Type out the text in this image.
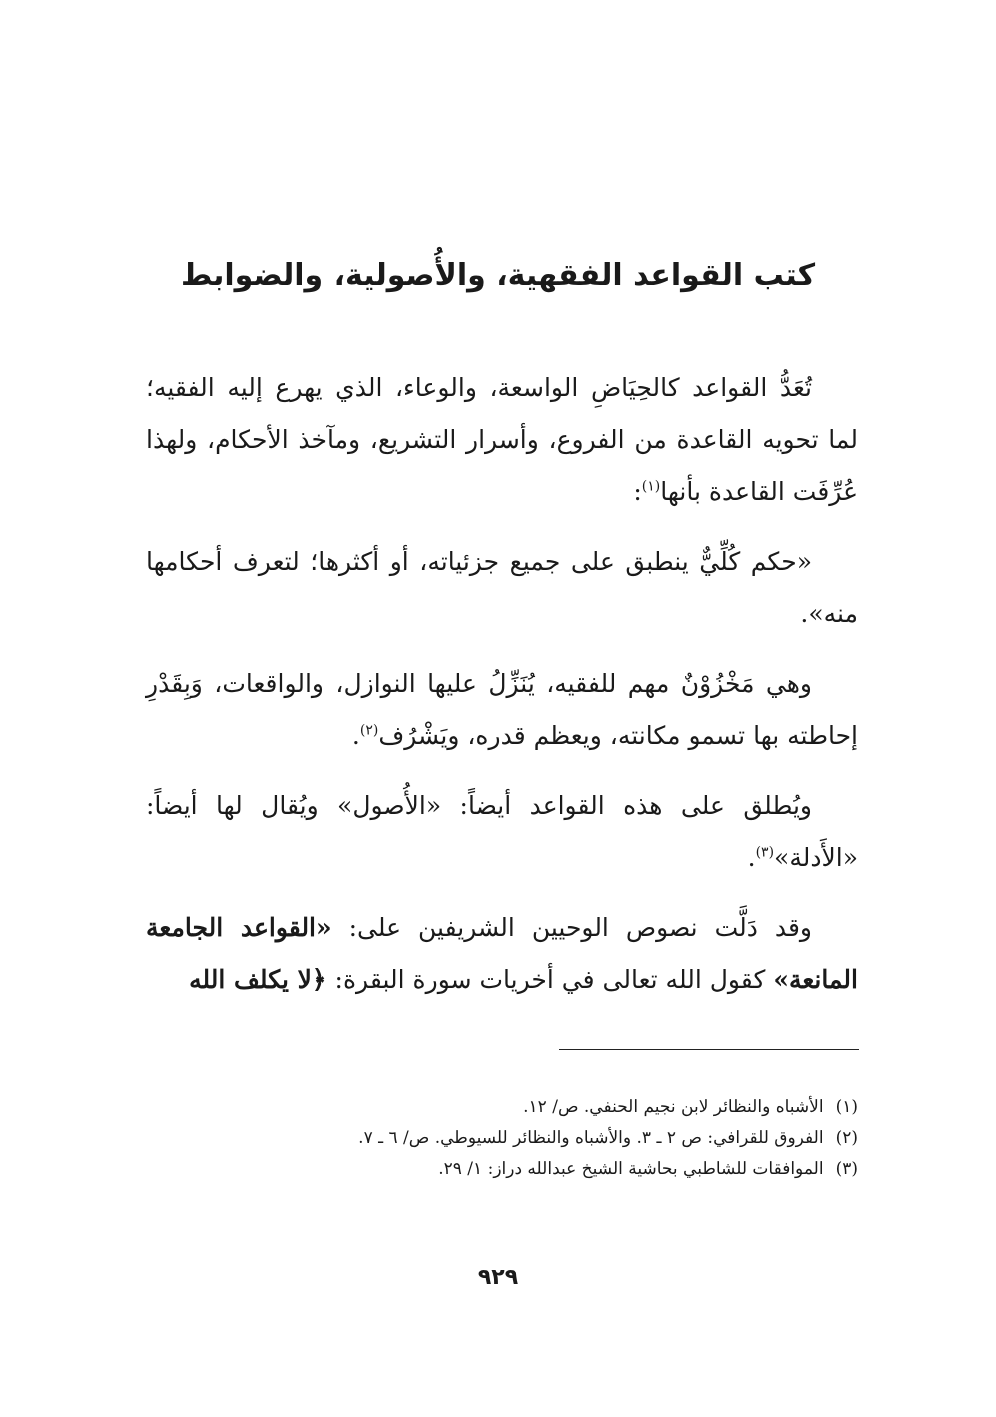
كتب القواعد الفقهية، والأُصولية، والضوابط

تُعَدُّ القواعد كالحِيَاضِ الواسعة، والوعاء، الذي يهرع إليه الفقيه؛ لما تحويه القاعدة من الفروع، وأسرار التشريع، ومآخذ الأحكام، ولهذا عُرِّفَت القاعدة بأنها$^{(١)}$:

«حكم كُلِّيٌّ ينطبق على جميع جزئياته، أو أكثرها؛ لتعرف أحكامها منه».

وهي مَخْزُوْنٌ مهم للفقيه، يُنَزِّلُ عليها النوازل، والواقعات، وَبِقَدْرِ إحاطته بها تسمو مكانته، ويعظم قدره، ويَشْرُف$^{(٢)}$.

ويُطلق على هذه القواعد أيضاً: «الأُصول» ويُقال لها أيضاً: «الأَدلة»$^{(٣)}$.

وقد دَلَّت نصوص الوحيين الشريفين على: «القواعد الجامعة المانعة» كقول الله تعالى في أخريات سورة البقرة: ﴿لا يكلف الله

(١)الأشباه والنظائر لابن نجيم الحنفي. ص/ ١٢.
(٢)الفروق للقرافي: ص ٢ ـ ٣. والأشباه والنظائر للسيوطي. ص/ ٦ ـ ٧.
(٣)الموافقات للشاطبي بحاشية الشيخ عبدالله دراز: ١/ ٢٩.
٩٢٩
